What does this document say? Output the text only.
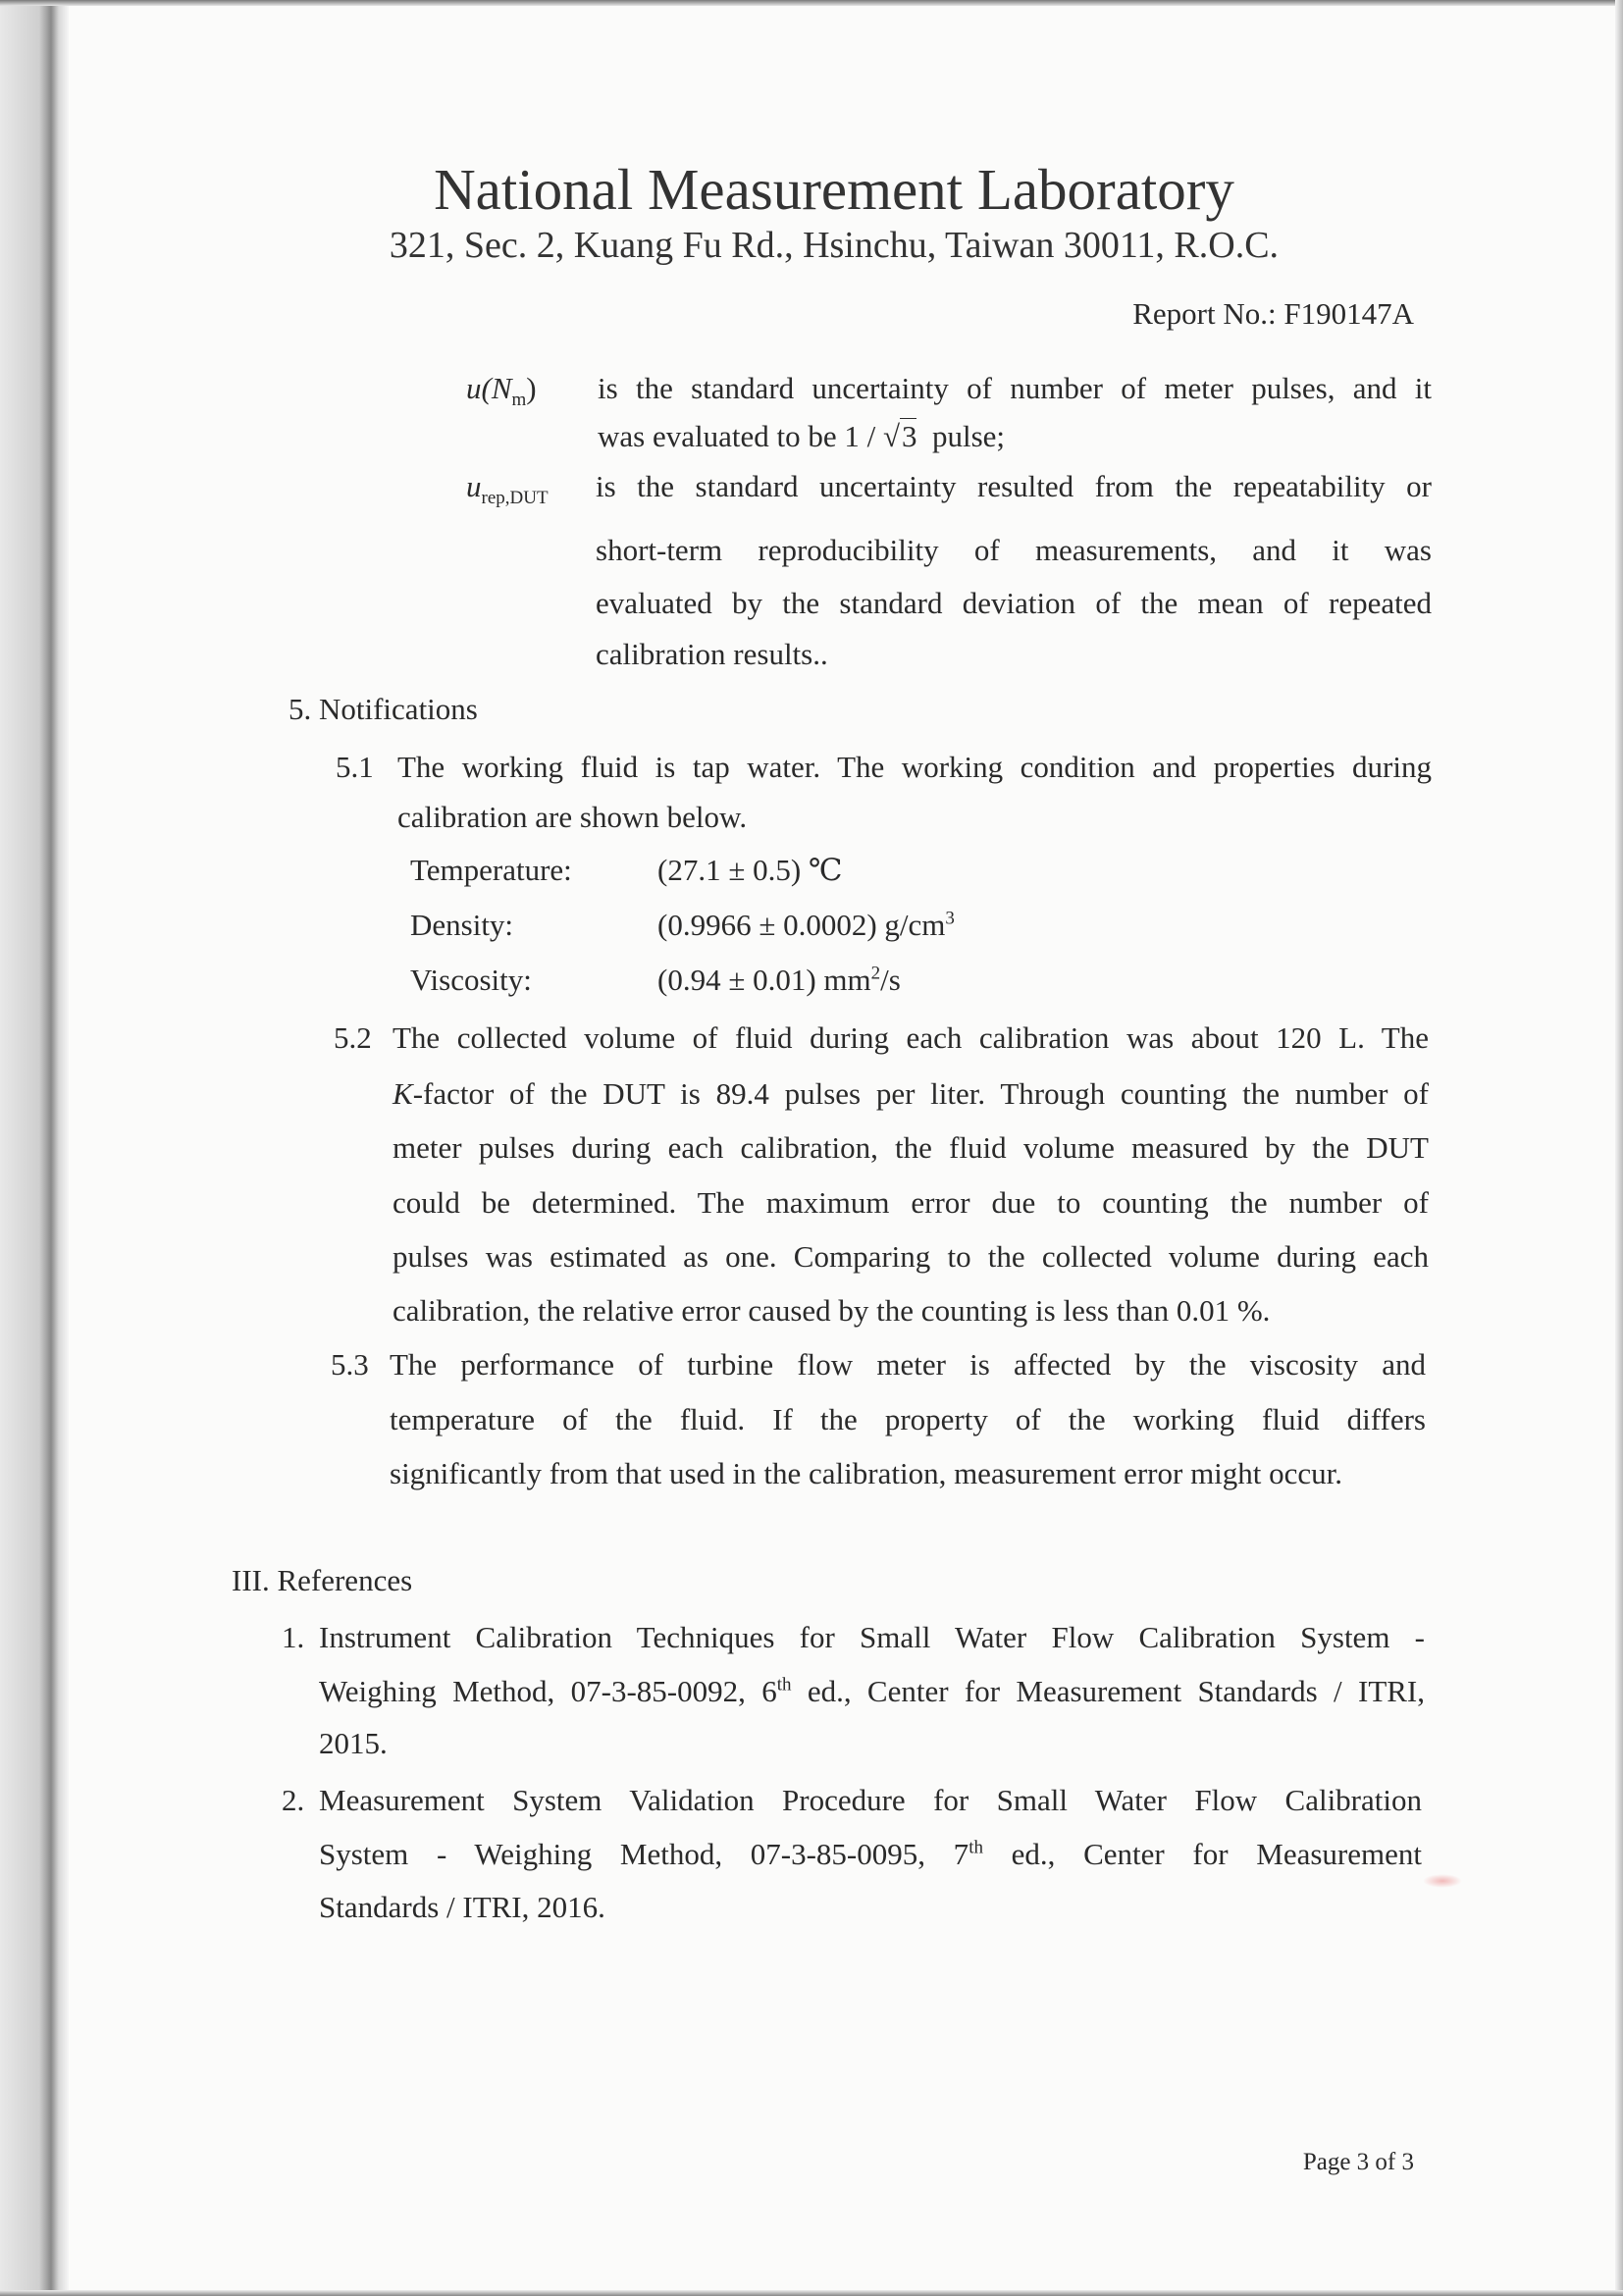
National Measurement Laboratory
321, Sec. 2, Kuang Fu Rd., Hsinchu, Taiwan 30011, R.O.C.
Report No.: F190147A
$u(N_m)$ is the standard uncertainty of number of meter pulses, and it
was evaluated to be 1 / √3  pulse;
$u_{rep,DUT}$ is the standard uncertainty resulted from the repeatability or
short-term reproducibility of measurements, and it was
evaluated by the standard deviation of the mean of repeated
calibration results..
5. Notifications
5.1 The working fluid is tap water. The working condition and properties during
calibration are shown below.
Temperature:	(27.1 ± 0.5) ℃
Density:	(0.9966 ± 0.0002) $g/cm^3$
Viscosity:	(0.94 ± 0.01) $mm^2/s$
5.2 The collected volume of fluid during each calibration was about 120 L. The
K-factor of the DUT is 89.4 pulses per liter. Through counting the number of
meter pulses during each calibration, the fluid volume measured by the DUT
could be determined. The maximum error due to counting the number of
pulses was estimated as one. Comparing to the collected volume during each
calibration, the relative error caused by the counting is less than 0.01 %.
5.3 The performance of turbine flow meter is affected by the viscosity and
temperature of the fluid. If the property of the working fluid differs
significantly from that used in the calibration, measurement error might occur.
III. References
1. Instrument Calibration Techniques for Small Water Flow Calibration System -
Weighing Method, 07-3-85-0092, 6th ed., Center for Measurement Standards / ITRI,
2015.
2. Measurement System Validation Procedure for Small Water Flow Calibration
System - Weighing Method, 07-3-85-0095, 7th ed., Center for Measurement
Standards / ITRI, 2016.
Page 3 of 3
